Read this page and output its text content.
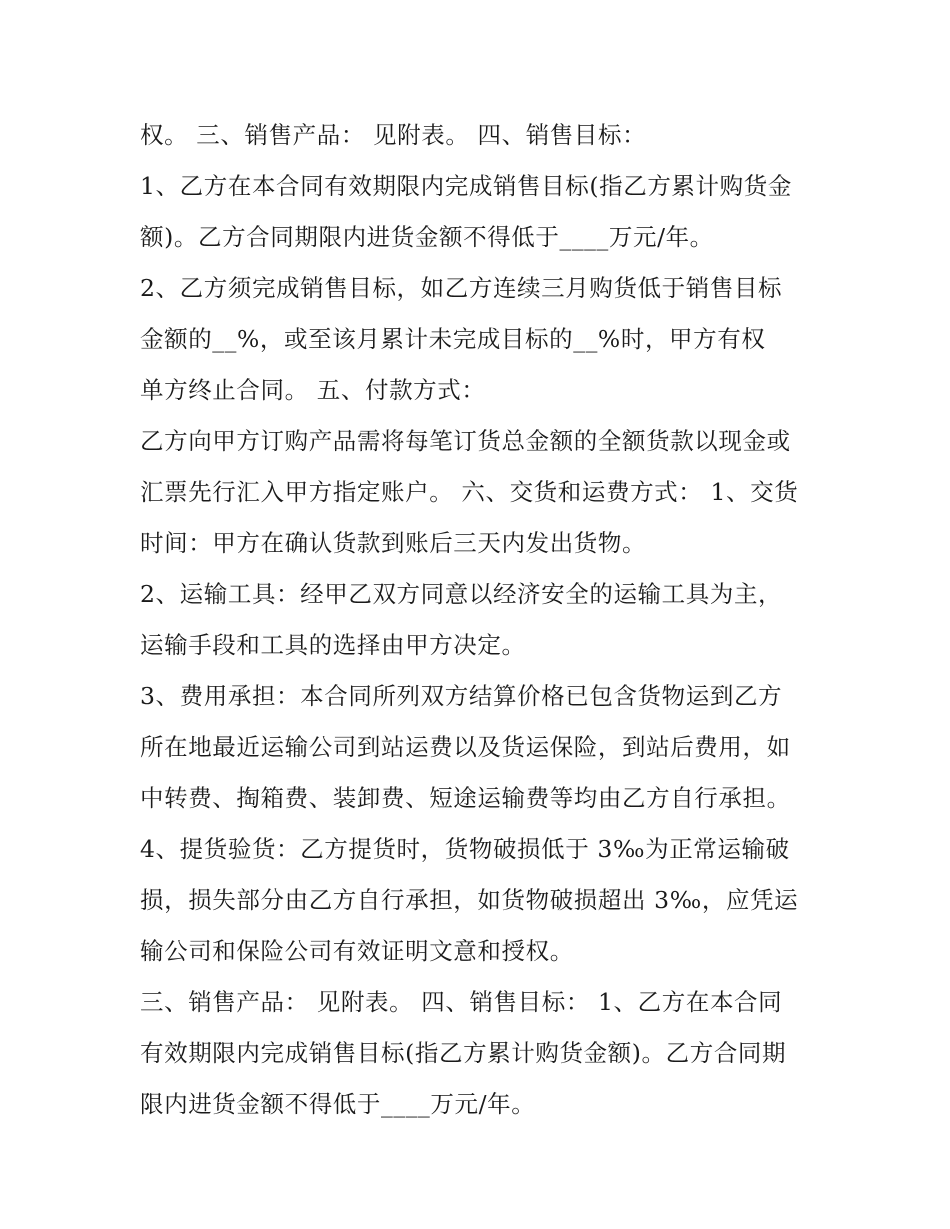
权。 三、销售产品： 见附表。 四、销售目标：

1、乙方在本合同有效期限内完成销售目标(指乙方累计购货金
额)。乙方合同期限内进货金额不得低于____万元/年。

2、乙方须完成销售目标，如乙方连续三月购货低于销售目标
金额的__%，或至该月累计未完成目标的__%时，甲方有权
单方终止合同。 五、付款方式：

乙方向甲方订购产品需将每笔订货总金额的全额货款以现金或
汇票先行汇入甲方指定账户。 六、交货和运费方式： 1、交货
时间：甲方在确认货款到账后三天内发出货物。

2、运输工具：经甲乙双方同意以经济安全的运输工具为主，
运输手段和工具的选择由甲方决定。

3、费用承担：本合同所列双方结算价格已包含货物运到乙方
所在地最近运输公司到站运费以及货运保险，到站后费用，如
中转费、掏箱费、装卸费、短途运输费等均由乙方自行承担。

4、提货验货：乙方提货时，货物破损低于 3‰为正常运输破
损，损失部分由乙方自行承担，如货物破损超出 3‰，应凭运
输公司和保险公司有效证明文意和授权。

三、销售产品： 见附表。 四、销售目标： 1、乙方在本合同
有效期限内完成销售目标(指乙方累计购货金额)。乙方合同期
限内进货金额不得低于____万元/年。
